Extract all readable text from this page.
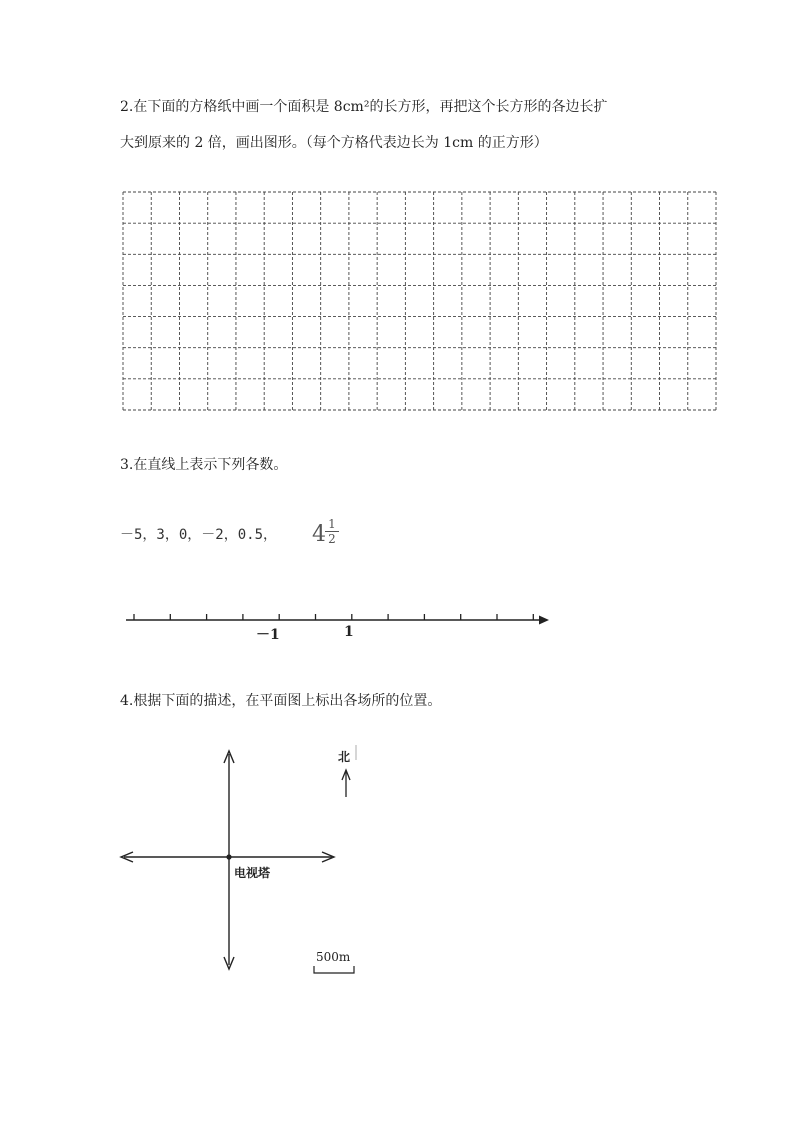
2.在下面的方格纸中画一个面积是 8cm²的长方形，再把这个长方形的各边长扩
大到原来的 2 倍，画出图形。（每个方格代表边长为 1cm 的正方形）
3.在直线上表示下列各数。
－5，3，0，－2，0.5， 4 1
2
－1	1
4.根据下面的描述，在平面图上标出各场所的位置。
北
电视塔
500m
